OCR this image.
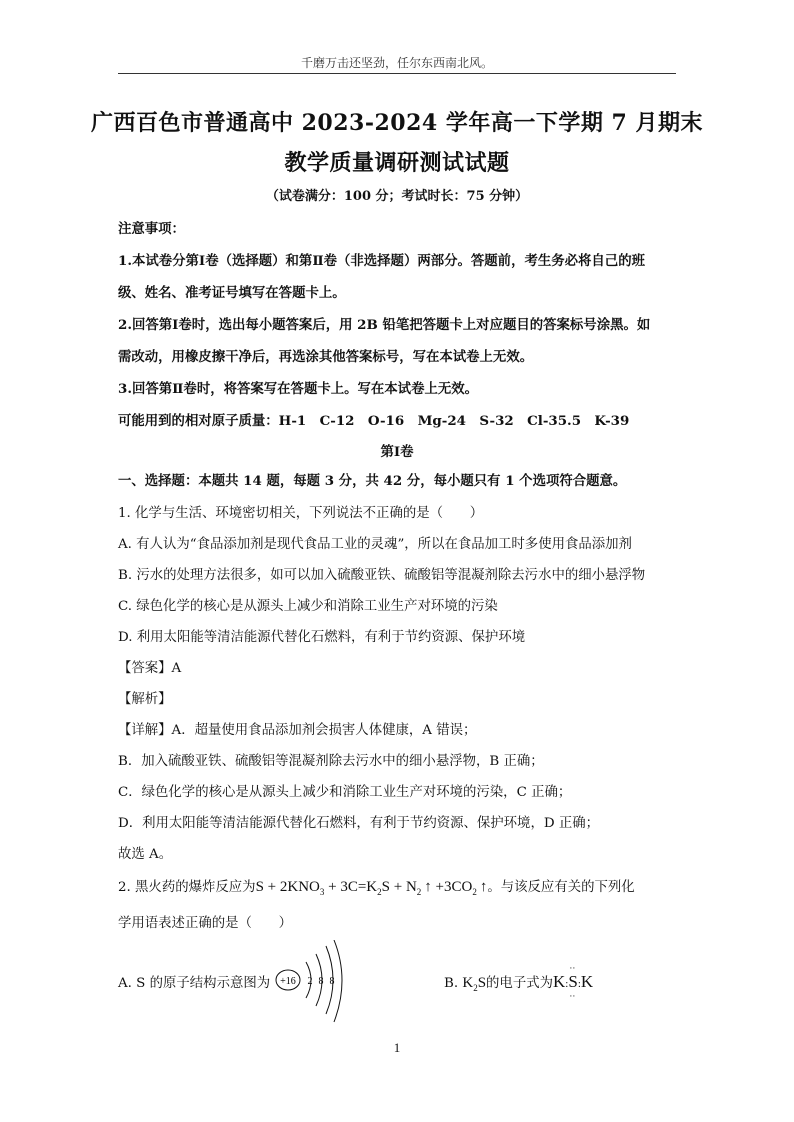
千磨万击还坚劲，任尔东西南北风。
广西百色市普通高中 2023-2024 学年高一下学期 7 月期末
教学质量调研测试试题
（试卷满分：100 分；考试时长：75 分钟）
注意事项：
1.本试卷分第Ⅰ卷（选择题）和第Ⅱ卷（非选择题）两部分。答题前，考生务必将自己的班
级、姓名、准考证号填写在答题卡上。
2.回答第Ⅰ卷时，选出每小题答案后，用 2B 铅笔把答题卡上对应题目的答案标号涂黑。如
需改动，用橡皮擦干净后，再选涂其他答案标号，写在本试卷上无效。
3.回答第Ⅱ卷时，将答案写在答题卡上。写在本试卷上无效。
可能用到的相对原子质量：H-1　C-12　O-16　Mg-24　S-32　Cl-35.5　K-39
第Ⅰ卷
一、选择题：本题共 14 题，每题 3 分，共 42 分，每小题只有 1 个选项符合题意。
1. 化学与生活、环境密切相关，下列说法不正确的是（　　）
A. 有人认为“食品添加剂是现代食品工业的灵魂”，所以在食品加工时多使用食品添加剂
B. 污水的处理方法很多，如可以加入硫酸亚铁、硫酸铝等混凝剂除去污水中的细小悬浮物
C. 绿色化学的核心是从源头上减少和消除工业生产对环境的污染
D. 利用太阳能等清洁能源代替化石燃料，有利于节约资源、保护环境
【答案】A
【解析】
【详解】A．超量使用食品添加剂会损害人体健康，A 错误；
B．加入硫酸亚铁、硫酸铝等混凝剂除去污水中的细小悬浮物，B 正确；
C．绿色化学的核心是从源头上减少和消除工业生产对环境的污染，C 正确；
D．利用太阳能等清洁能源代替化石燃料，有利于节约资源、保护环境，D 正确；
故选 A。
2. 黑火药的爆炸反应为$S + 2KNO_3 + 3C=K_2S + N_2$ ↑ $+3CO_2$ ↑。与该反应有关的下列化
学用语表述正确的是（　　）
A. S 的原子结构示意图为 +16 2 8 8	B. $K_2S$的电子式为K:S
··
··
:K
1
